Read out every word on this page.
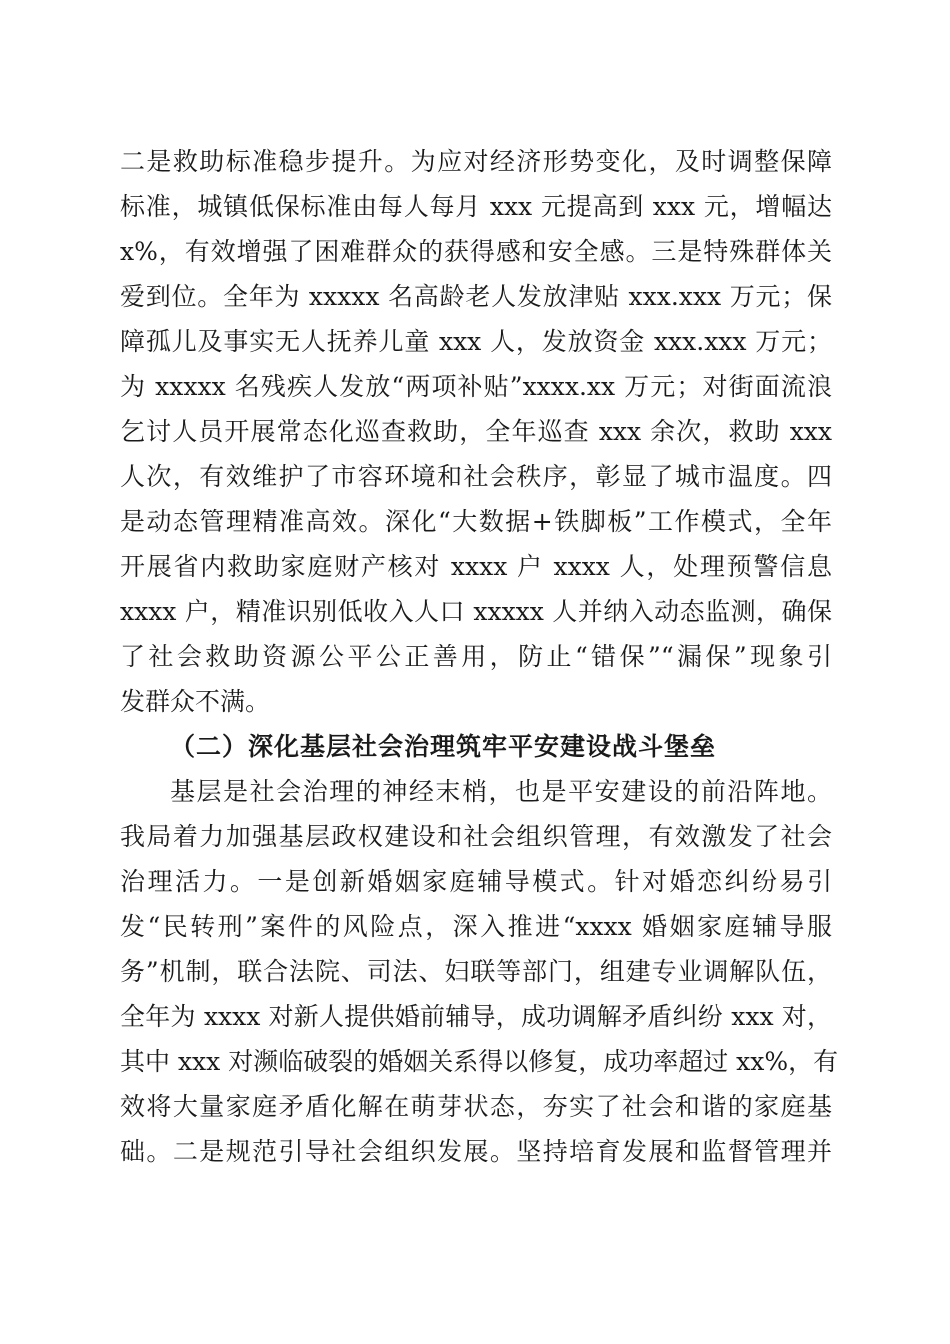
二是救助标准稳步提升。为应对经济形势变化，及时调整保障
标准，城镇低保标准由每人每月 xxx 元提高到 xxx 元，增幅达
x%，有效增强了困难群众的获得感和安全感。三是特殊群体关
爱到位。全年为 xxxxx 名高龄老人发放津贴 xxx.xxx 万元；保
障孤儿及事实无人抚养儿童 xxx 人，发放资金 xxx.xxx 万元；
为 xxxxx 名残疾人发放“两项补贴”xxxx.xx 万元；对街面流浪
乞讨人员开展常态化巡查救助，全年巡查 xxx 余次，救助 xxx
人次，有效维护了市容环境和社会秩序，彰显了城市温度。四
是动态管理精准高效。深化“大数据+铁脚板”工作模式，全年
开展省内救助家庭财产核对 xxxx 户 xxxx 人，处理预警信息
xxxx 户，精准识别低收入人口 xxxxx 人并纳入动态监测，确保
了社会救助资源公平公正善用，防止“错保”“漏保”现象引
发群众不满。
（二）深化基层社会治理筑牢平安建设战斗堡垒
基层是社会治理的神经末梢，也是平安建设的前沿阵地。
我局着力加强基层政权建设和社会组织管理，有效激发了社会
治理活力。一是创新婚姻家庭辅导模式。针对婚恋纠纷易引
发“民转刑”案件的风险点，深入推进“xxxx 婚姻家庭辅导服
务”机制，联合法院、司法、妇联等部门，组建专业调解队伍，
全年为 xxxx 对新人提供婚前辅导，成功调解矛盾纠纷 xxx 对，
其中 xxx 对濒临破裂的婚姻关系得以修复，成功率超过 xx%，有
效将大量家庭矛盾化解在萌芽状态，夯实了社会和谐的家庭基
础。二是规范引导社会组织发展。坚持培育发展和监督管理并
